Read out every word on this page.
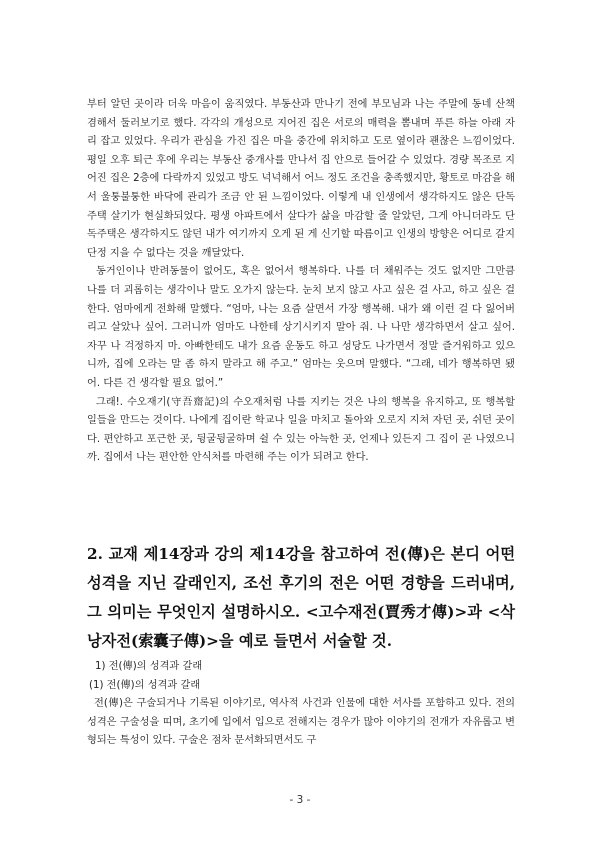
부터 알던 곳이라 더욱 마음이 움직였다. 부동산과 만나기 전에 부모님과 나는 주말에 동네 산책 겸해서 둘러보기로 했다. 각각의 개성으로 지어진 집은 서로의 매력을 뽐내며 푸른 하늘 아래 자리 잡고 있었다. 우리가 관심을 가진 집은 마을 중간에 위치하고 도로 옆이라 괜찮은 느낌이었다. 평일 오후 퇴근 후에 우리는 부동산 중개사를 만나서 집 안으로 들어갈 수 있었다. 경량 목조로 지어진 집은 2층에 다락까지 있었고 방도 넉넉해서 어느 정도 조건을 충족했지만, 황토로 마감을 해서 울퉁불퉁한 바닥에 관리가 조금 안 된 느낌이었다. 이렇게 내 인생에서 생각하지도 않은 단독주택 살기가 현실화되었다. 평생 아파트에서 살다가 삶을 마감할 줄 알았던, 그게 아니더라도 단독주택은 생각하지도 않던 내가 여기까지 오게 된 게 신기할 따름이고 인생의 방향은 어디로 갈지 단정 지을 수 없다는 것을 깨달았다.

동거인이나 반려동물이 없어도, 혹은 없어서 행복하다. 나를 더 채워주는 것도 없지만 그만큼 나를 더 괴롭히는 생각이나 말도 오가지 않는다. 눈치 보지 않고 사고 싶은 걸 사고, 하고 싶은 걸 한다. 엄마에게 전화해 말했다. “엄마, 나는 요즘 살면서 가장 행복해. 내가 왜 이런 걸 다 잃어버리고 살았나 싶어. 그러니까 엄마도 나한테 상기시키지 말아 줘. 나 나만 생각하면서 살고 싶어. 자꾸 나 걱정하지 마. 아빠한테도 내가 요즘 운동도 하고 성당도 나가면서 정말 즐거워하고 있으니까, 집에 오라는 말 좀 하지 말라고 해 주고.” 엄마는 웃으며 말했다. “그래, 네가 행복하면 됐어. 다른 건 생각할 필요 없어.”

그래!. 수오재기(守吾齋記)의 수오재처럼 나를 지키는 것은 나의 행복을 유지하고, 또 행복할 일들을 만드는 것이다. 나에게 집이란 학교나 일을 마치고 돌아와 오로지 지쳐 자던 곳, 쉬던 곳이다. 편안하고 포근한 곳, 뒹굴뒹굴하며 쉴 수 있는 아늑한 곳, 언제나 있든지 그 집이 곧 나였으니까. 집에서 나는 편안한 안식처를 마련해 주는 이가 되려고 한다.

2. 교재 제14장과 강의 제14강을 참고하여 전(傳)은 본디 어떤 성격을 지닌 갈래인지, 조선 후기의 전은 어떤 경향을 드러내며, 그 의미는 무엇인지 설명하시오. <고수재전(賈秀才傳)>과 <삭낭자전(索囊子傳)>을 예로 들면서 서술할 것.

1) 전(傳)의 성격과 갈래

(1) 전(傳)의 성격과 갈래

전(傳)은 구술되거나 기록된 이야기로, 역사적 사건과 인물에 대한 서사를 포함하고 있다. 전의 성격은 구술성을 띠며, 초기에 입에서 입으로 전해지는 경우가 많아 이야기의 전개가 자유롭고 변형되는 특성이 있다. 구술은 점차 문서화되면서도 구

- 3 -
